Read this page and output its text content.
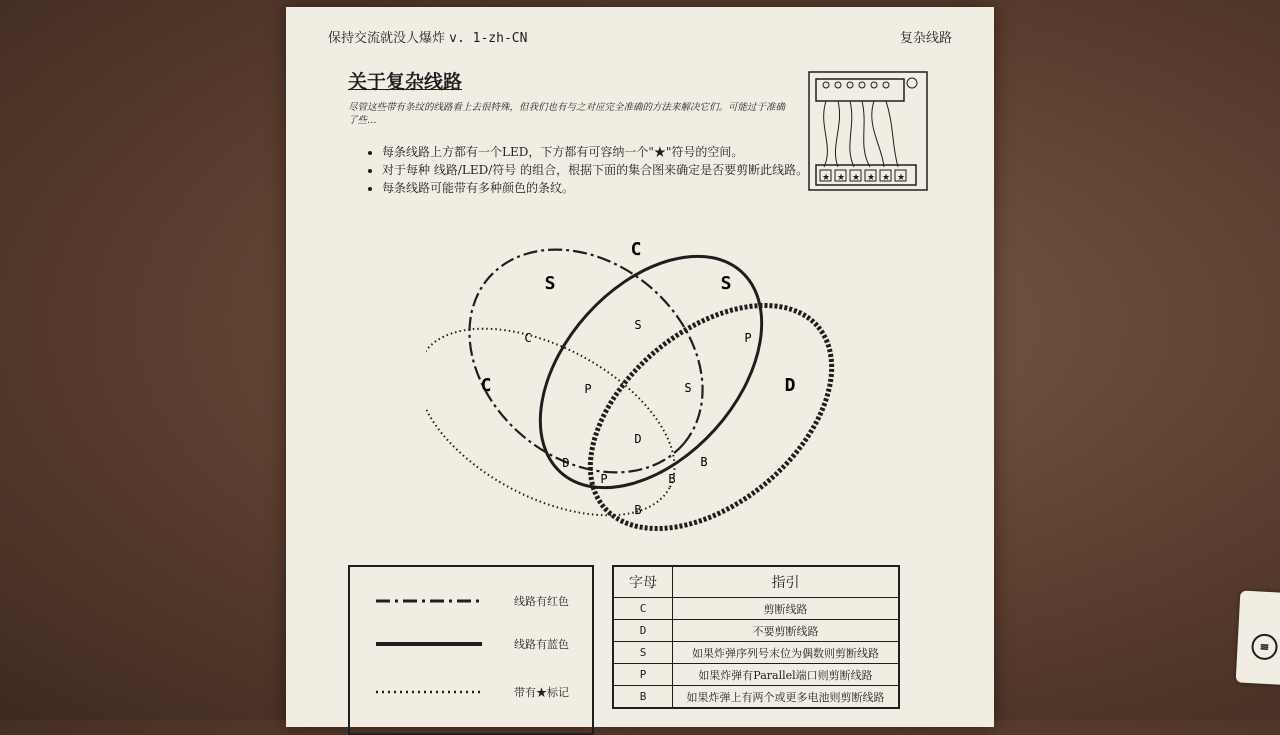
保持交流就没人爆炸 v. 1-zh-CN	复杂线路
关于复杂线路
尽管这些带有条纹的线路看上去很特殊，但我们也有与之对应完全准确的方法来解决它们。可能过于准确了些…
• 每条线路上方都有一个LED，下方都有可容纳一个"★"符号的空间。
• 对于每种 线路/LED/符号 的组合，根据下面的集合图来确定是否要剪断此线路。
• 每条线路可能带有多种颜色的条纹。
★ ★ ★ ★ ★ ★
C
S	S
C	D
C
S
P
P	S
D
D
P	B
B
B
线路有红色
线路有蓝色
带有★标记
字母	指引
C	剪断线路
D	不要剪断线路
S	如果炸弹序列号末位为偶数则剪断线路
P	如果炸弹有Parallel端口则剪断线路
B	如果炸弹上有两个或更多电池则剪断线路
≡
